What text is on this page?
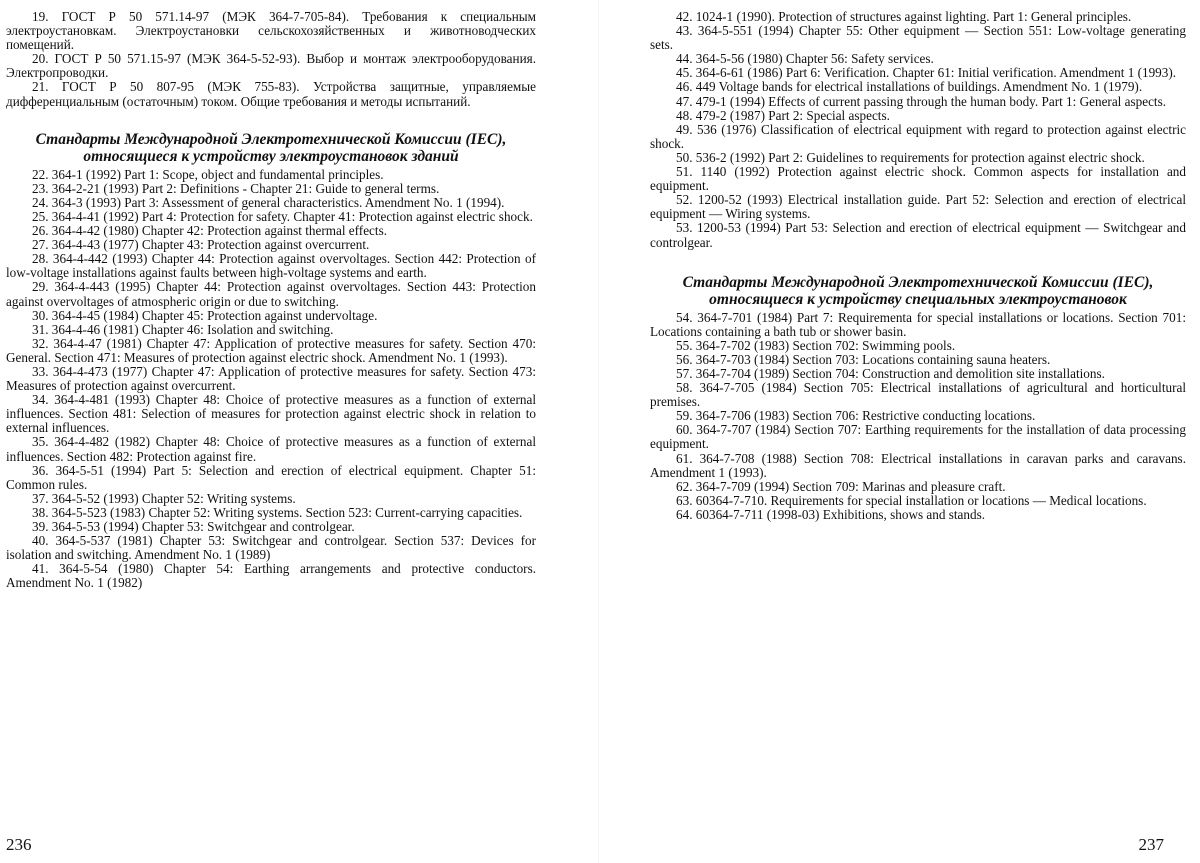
19. ГОСТ Р 50 571.14-97 (МЭК 364-7-705-84). Требования к специальным электроустановкам. Электроустановки сельскохозяйственных и животноводческих помещений.

20. ГОСТ Р 50 571.15-97 (МЭК 364-5-52-93). Выбор и монтаж электрооборудования. Электропроводки.

21. ГОСТ Р 50 807-95 (МЭК 755-83). Устройства защитные, управляемые дифференциальным (остаточным) током. Общие требования и методы испытаний.

Стандарты Международной Электротехнической Комиссии (IEC), относящиеся к устройству электроустановок зданий

22. 364-1 (1992) Part 1: Scope, object and fundamental principles.

23. 364-2-21 (1993) Part 2: Definitions - Chapter 21: Guide to general terms.

24. 364-3 (1993) Part 3: Assessment of general characteristics. Amendment No. 1 (1994).

25. 364-4-41 (1992) Part 4: Protection for safety. Chapter 41: Protection against electric shock.

26. 364-4-42 (1980) Chapter 42: Protection against thermal effects.

27. 364-4-43 (1977) Chapter 43: Protection against overcurrent.

28. 364-4-442 (1993) Chapter 44: Protection against overvoltages. Section 442: Protection of low-voltage installations against faults between high-voltage systems and earth.

29. 364-4-443 (1995) Chapter 44: Protection against overvoltages. Section 443: Protection against overvoltages of atmospheric origin or due to switching.

30. 364-4-45 (1984) Chapter 45: Protection against undervoltage.

31. 364-4-46 (1981) Chapter 46: Isolation and switching.

32. 364-4-47 (1981) Chapter 47: Application of protective measures for safety. Section 470: General. Section 471: Measures of protection against electric shock. Amendment No. 1 (1993).

33. 364-4-473 (1977) Chapter 47: Application of protective measures for safety. Section 473: Measures of protection against overcurrent.

34. 364-4-481 (1993) Chapter 48: Choice of protective measures as a function of external influences. Section 481: Selection of measures for protection against electric shock in relation to external influences.

35. 364-4-482 (1982) Chapter 48: Choice of protective measures as a function of external influences. Section 482: Protection against fire.

36. 364-5-51 (1994) Part 5: Selection and erection of electrical equipment. Chapter 51: Common rules.

37. 364-5-52 (1993) Chapter 52: Writing systems.

38. 364-5-523 (1983) Chapter 52: Writing systems. Section 523: Current-carrying capacities.

39. 364-5-53 (1994) Chapter 53: Switchgear and controlgear.

40. 364-5-537 (1981) Chapter 53: Switchgear and controlgear. Section 537: Devices for isolation and switching. Amendment No. 1 (1989)

41. 364-5-54 (1980) Chapter 54: Earthing arrangements and protective conductors. Amendment No. 1 (1982)

236

42. 1024-1 (1990). Protection of structures against lighting. Part 1: General principles.

43. 364-5-551 (1994) Chapter 55: Other equipment — Section 551: Low-voltage generating sets.

44. 364-5-56 (1980) Chapter 56: Safety services.

45. 364-6-61 (1986) Part 6: Verification. Chapter 61: Initial verification. Amendment 1 (1993).

46. 449 Voltage bands for electrical installations of buildings. Amendment No. 1 (1979).

47. 479-1 (1994) Effects of current passing through the human body. Part 1: General aspects.

48. 479-2 (1987) Part 2: Special aspects.

49. 536 (1976) Classification of electrical equipment with regard to protection against electric shock.

50. 536-2 (1992) Part 2: Guidelines to requirements for protection against electric shock.

51. 1140 (1992) Protection against electric shock. Common aspects for installation and equipment.

52. 1200-52 (1993) Electrical installation guide. Part 52: Selection and erection of electrical equipment — Wiring systems.

53. 1200-53 (1994) Part 53: Selection and erection of electrical equipment — Switchgear and controlgear.

Стандарты Международной Электротехнической Комиссии (IEC), относящиеся к устройству специальных электроустановок

54. 364-7-701 (1984) Part 7: Requirementa for special installations or locations. Section 701: Locations containing a bath tub or shower basin.

55. 364-7-702 (1983) Section 702: Swimming pools.

56. 364-7-703 (1984) Section 703: Locations containing sauna heaters.

57. 364-7-704 (1989) Section 704: Construction and demolition site installations.

58. 364-7-705 (1984) Section 705: Electrical installations of agricultural and horticultural premises.

59. 364-7-706 (1983) Section 706: Restrictive conducting locations.

60. 364-7-707 (1984) Section 707: Earthing requirements for the installation of data processing equipment.

61. 364-7-708 (1988) Section 708: Electrical installations in caravan parks and caravans. Amendment 1 (1993).

62. 364-7-709 (1994) Section 709: Marinas and pleasure craft.

63. 60364-7-710. Requirements for special installation or locations — Medical locations.

64. 60364-7-711 (1998-03) Exhibitions, shows and stands.

237
